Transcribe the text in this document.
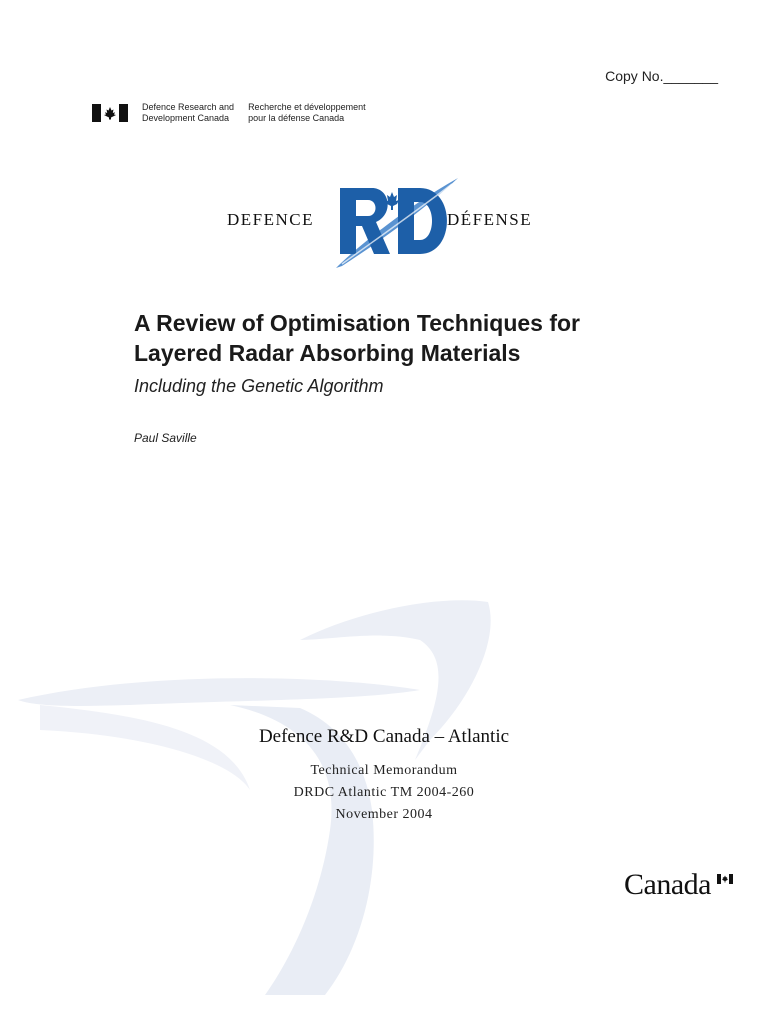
Copy No._______
Defence Research and
Development Canada
Recherche et développement
pour la défense Canada
DEFENCE	DÉFENSE
A Review of Optimisation Techniques for
Layered Radar Absorbing Materials
Including the Genetic Algorithm
Paul Saville
Defence R&D Canada – Atlantic
Technical Memorandum
DRDC Atlantic TM 2004-260
November 2004
Canada
